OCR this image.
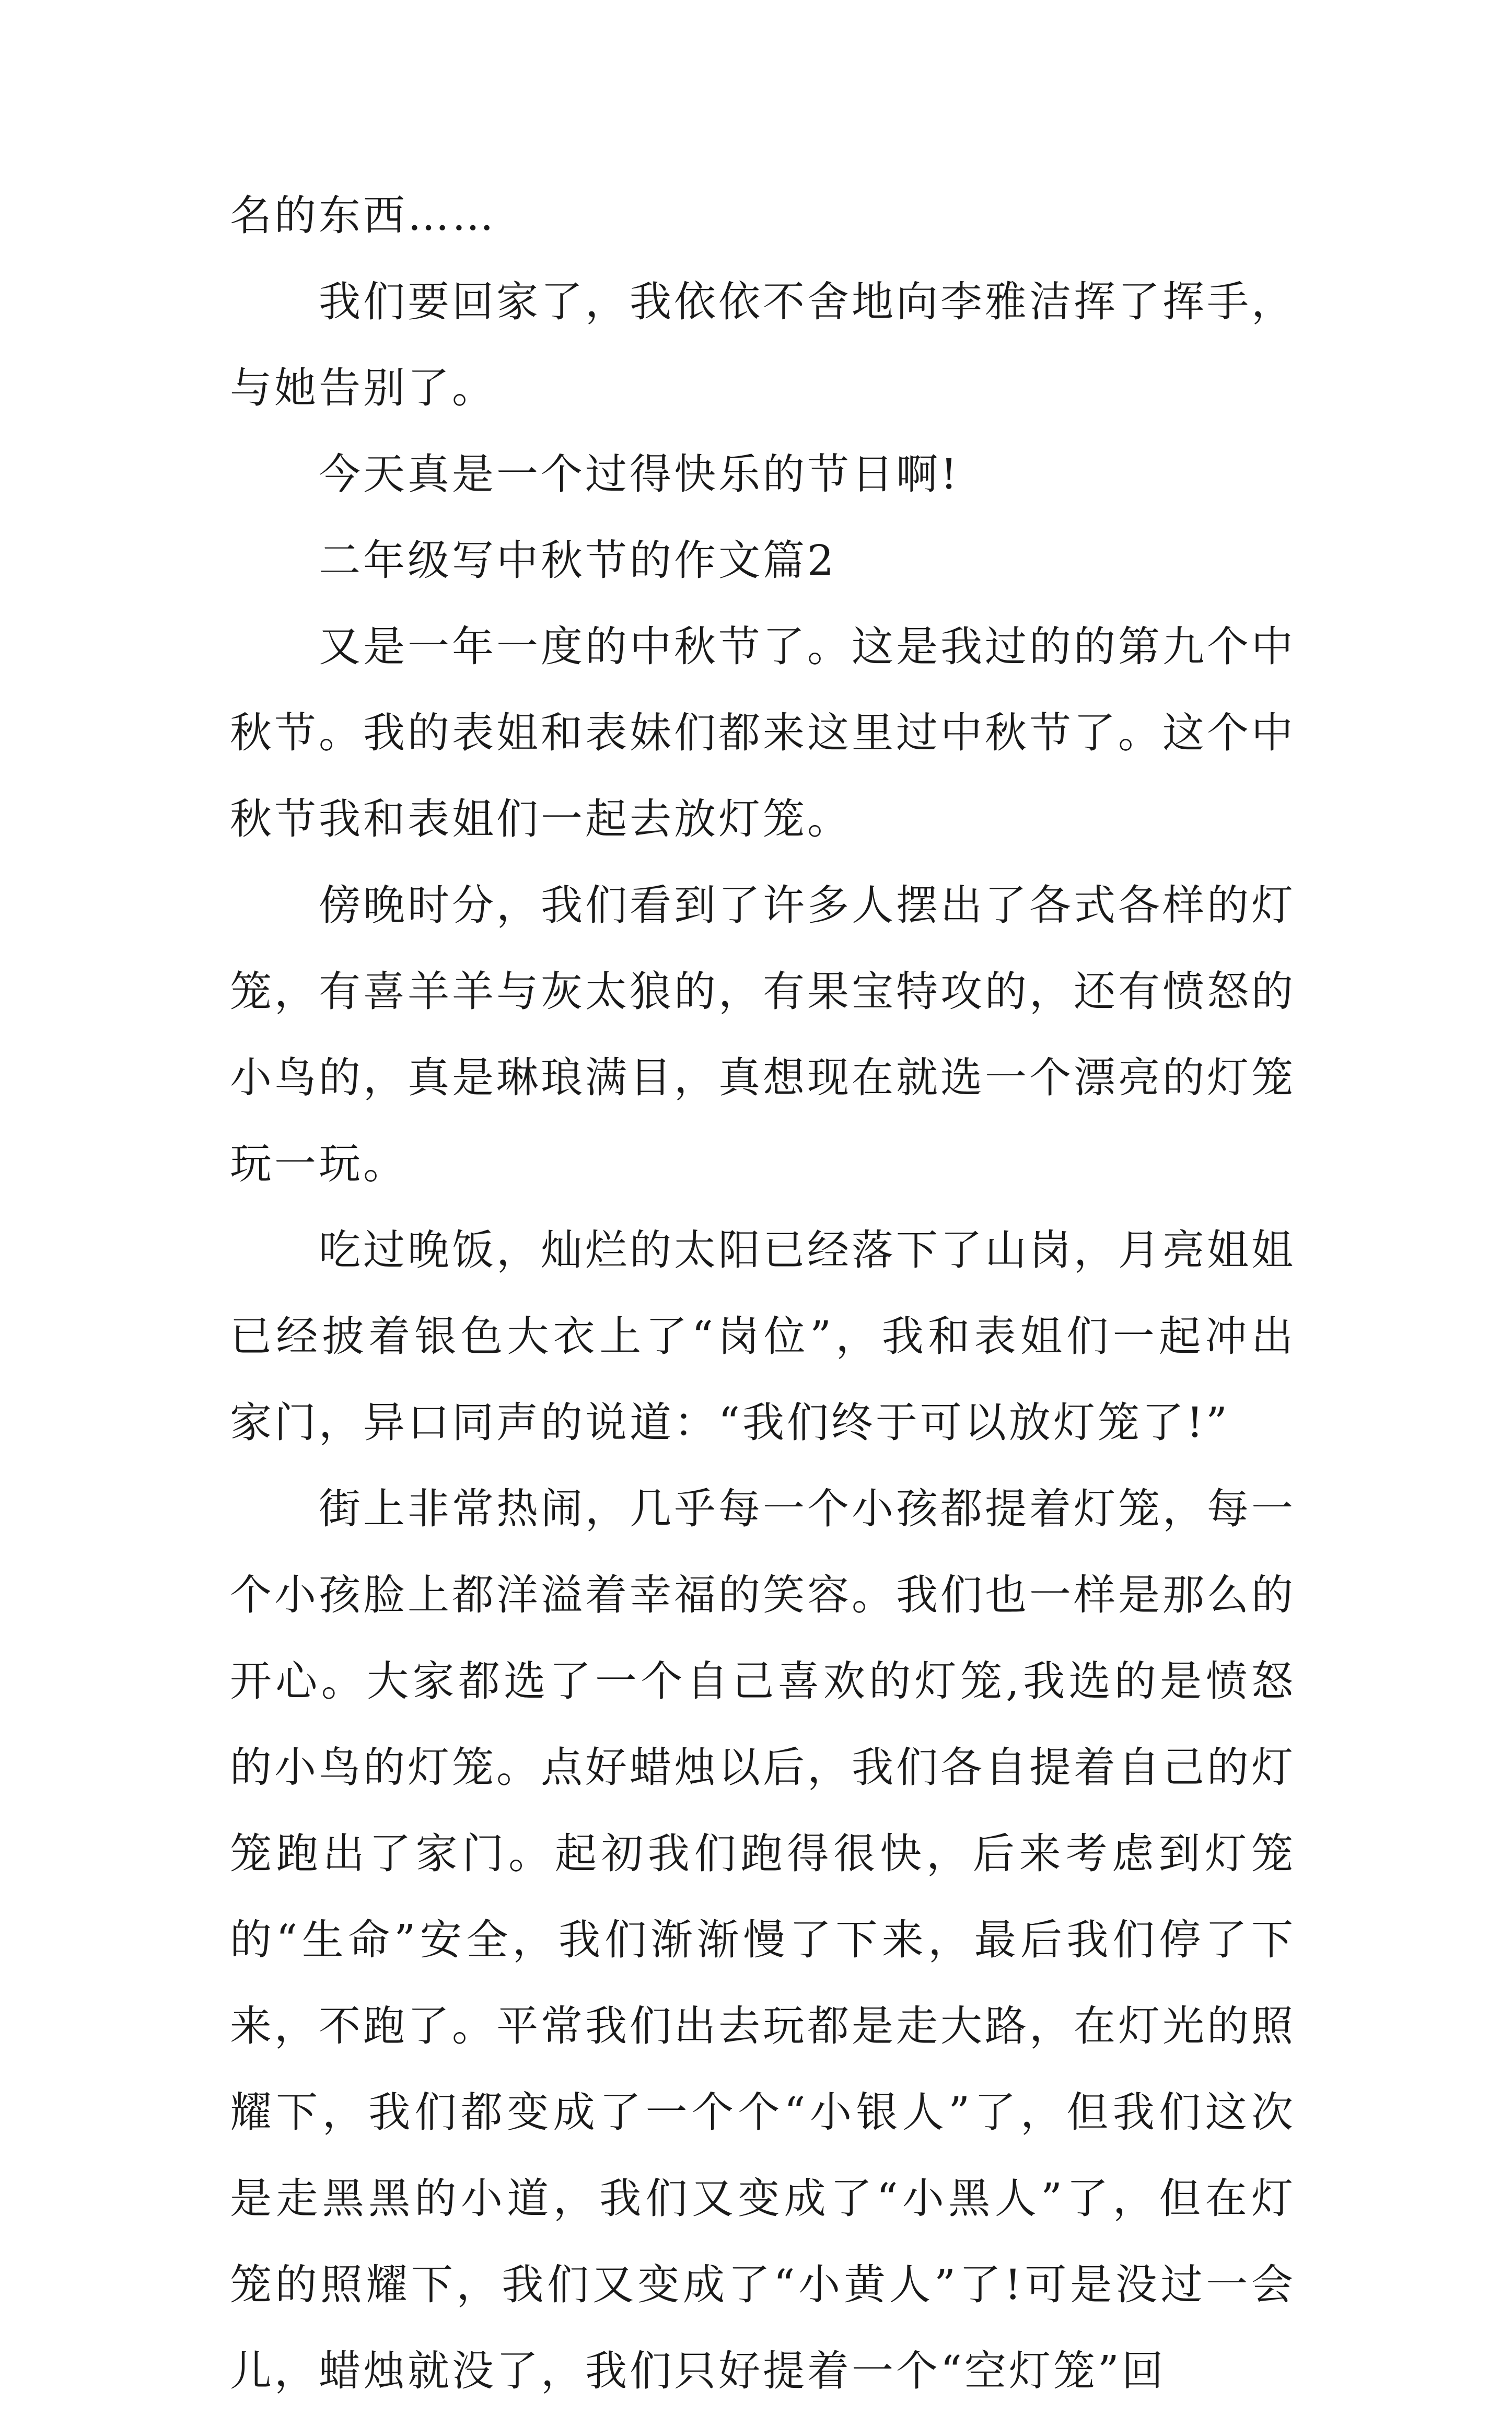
名的东西……

我们要回家了，我依依不舍地向李雅洁挥了挥手，与她告别了。

今天真是一个过得快乐的节日啊!

二年级写中秋节的作文篇2

又是一年一度的中秋节了。这是我过的的第九个中秋节。我的表姐和表妹们都来这里过中秋节了。这个中秋节我和表姐们一起去放灯笼。

傍晚时分，我们看到了许多人摆出了各式各样的灯笼，有喜羊羊与灰太狼的，有果宝特攻的，还有愤怒的小鸟的，真是琳琅满目，真想现在就选一个漂亮的灯笼玩一玩。

吃过晚饭，灿烂的太阳已经落下了山岗，月亮姐姐已经披着银色大衣上了“岗位”，我和表姐们一起冲出家门，异口同声的说道：“我们终于可以放灯笼了!”

街上非常热闹，几乎每一个小孩都提着灯笼，每一个小孩脸上都洋溢着幸福的笑容。我们也一样是那么的开心。大家都选了一个自己喜欢的灯笼,我选的是愤怒的小鸟的灯笼。点好蜡烛以后，我们各自提着自己的灯笼跑出了家门。起初我们跑得很快，后来考虑到灯笼的“生命”安全，我们渐渐慢了下来，最后我们停了下来，不跑了。平常我们出去玩都是走大路，在灯光的照耀下，我们都变成了一个个“小银人”了，但我们这次是走黑黑的小道，我们又变成了“小黑人”了，但在灯笼的照耀下，我们又变成了“小黄人”了!可是没过一会儿，蜡烛就没了，我们只好提着一个“空灯笼”回
